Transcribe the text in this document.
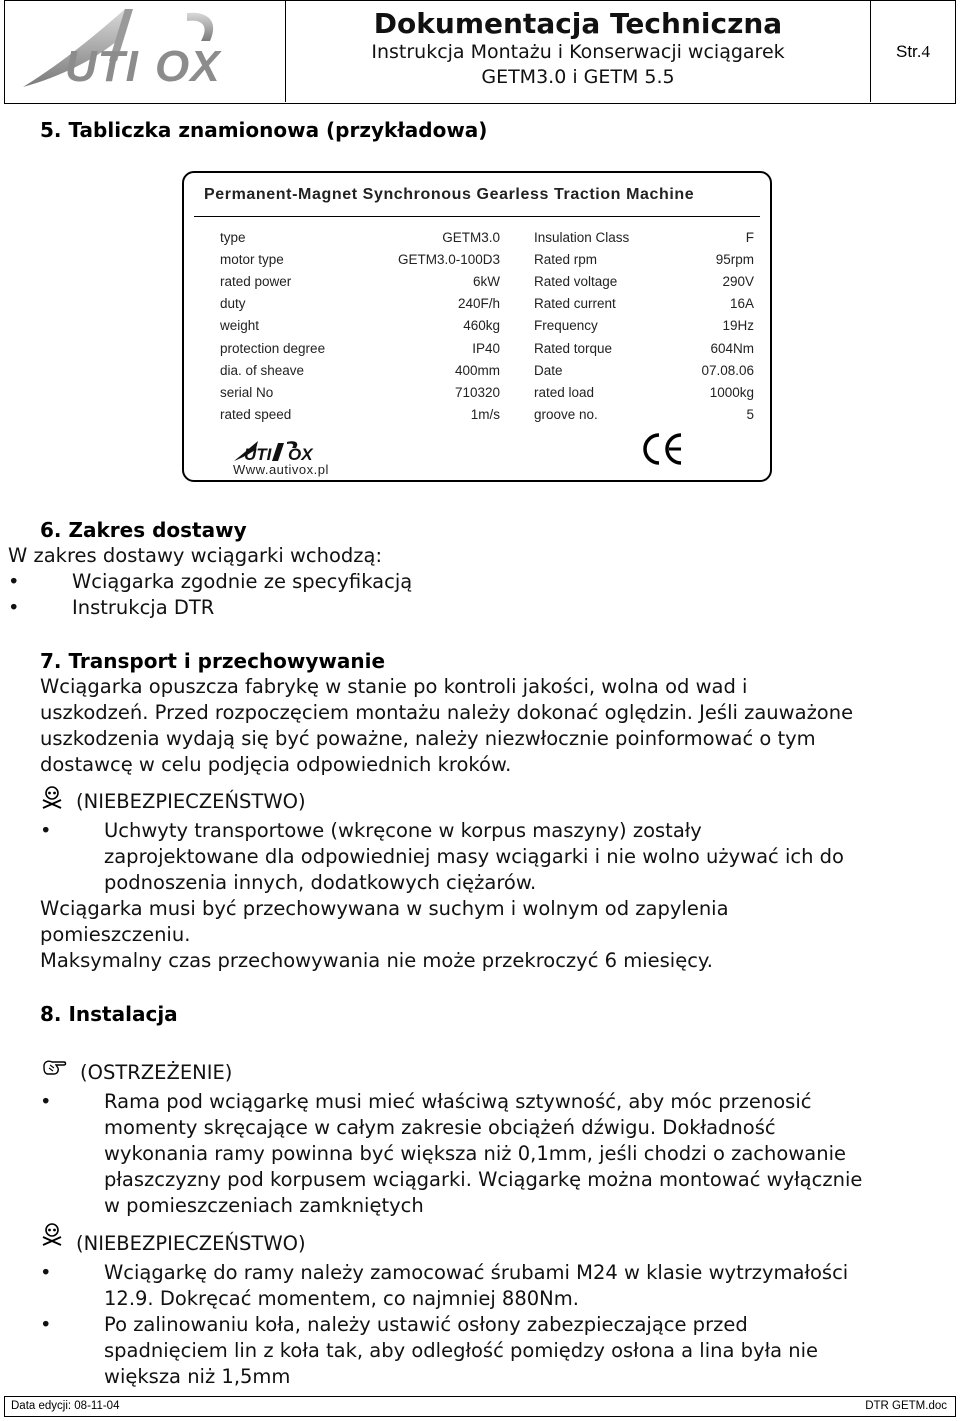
UTI OX
Dokumentacja Techniczna
Instrukcja Montażu i Konserwacji wciągarek
GETM3.0 i GETM 5.5
Str. 4
5. Tabliczka znamionowa (przykładowa)
Permanent-Magnet Synchronous Gearless Traction Machine
UTI OX
Www.autivox.pl
type	GETM3.0	Insulation Class	F
motor type	GETM3.0-100D3	Rated rpm	95rpm
rated power	6kW	Rated voltage	290V
duty	240F/h	Rated current	16A
weight	460kg	Frequency	19Hz
protection degree	IP40	Rated torque	604Nm
dia. of sheave	400mm	Date	07.08.06
serial No	710320	rated load	1000kg
rated speed	1m/s	groove no.	5
6. Zakres dostawy
W zakres dostawy wciągarki wchodzą:
• Wciągarka zgodnie ze specyfikacją
• Instrukcja DTR
7. Transport i przechowywanie
Wciągarka opuszcza fabrykę w stanie po kontroli jakości, wolna od wad i
uszkodzeń. Przed rozpoczęciem montażu należy dokonać oględzin. Jeśli zauważone
uszkodzenia wydają się być poważne, należy niezwłocznie poinformować o tym
dostawcę w celu podjęcia odpowiednich kroków.
(NIEBEZPIECZEŃSTWO)
• Uchwyty transportowe (wkręcone w korpus maszyny) zostały
zaprojektowane dla odpowiedniej masy wciągarki i nie wolno używać ich do
podnoszenia innych, dodatkowych ciężarów.
Wciągarka musi być przechowywana w suchym i wolnym od zapylenia
pomieszczeniu.
Maksymalny czas przechowywania nie może przekroczyć 6 miesięcy.
8. Instalacja
(OSTRZEŻENIE)
• Rama pod wciągarkę musi mieć właściwą sztywność, aby móc przenosić
momenty skręcające w całym zakresie obciążeń dźwigu. Dokładność
wykonania ramy powinna być większa niż 0,1mm, jeśli chodzi o zachowanie
płaszczyzny pod korpusem wciągarki. Wciągarkę można montować wyłącznie
w pomieszczeniach zamkniętych
(NIEBEZPIECZEŃSTWO)
• Wciągarkę do ramy należy zamocować śrubami M24 w klasie wytrzymałości
12.9. Dokręcać momentem, co najmniej 880Nm.
• Po zalinowaniu koła, należy ustawić osłony zabezpieczające przed
spadnięciem lin z koła tak, aby odległość pomiędzy osłona a lina była nie
większa niż 1,5mm
Data edycji: 08-11-04	DTR GETM.doc
